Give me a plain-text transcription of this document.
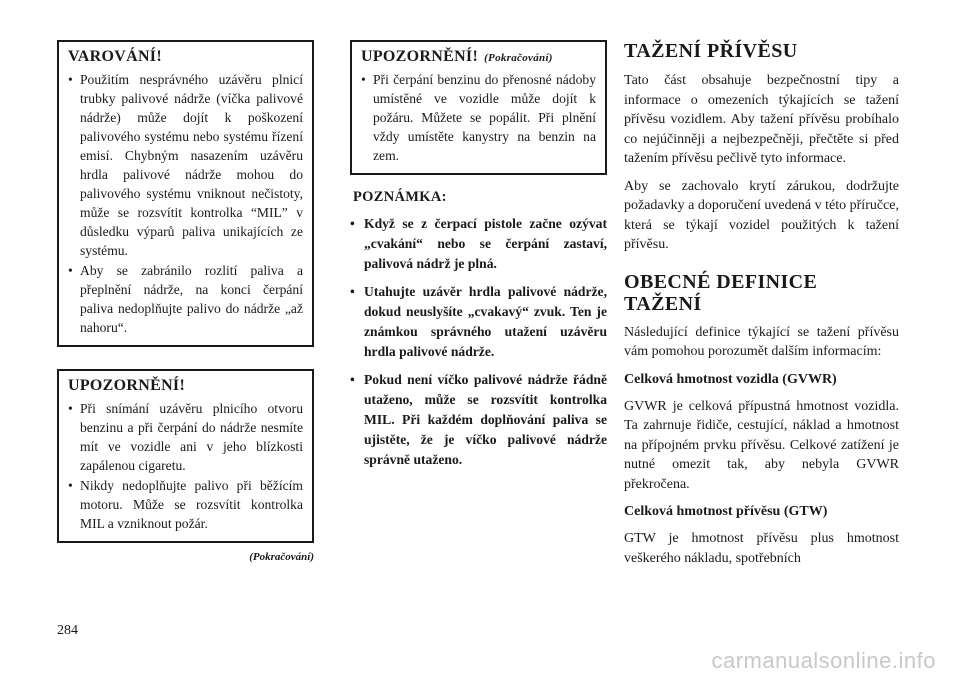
VAROVÁNÍ!
• Použitím nesprávného uzávěru plnicí trubky palivové nádrže (víčka palivové nádrže) může dojít k poškození palivového systému nebo systému řízení emisí. Chybným nasazením uzávěru hrdla palivové nádrže mohou do palivového systému vniknout nečistoty, může se rozsvítit kontrolka “MIL” v důsledku výparů paliva unikajících ze systému.
• Aby se zabránilo rozlití paliva a přeplnění nádrže, na konci čerpání paliva nedoplňujte palivo do nádrže „až nahoru“.
UPOZORNĚNÍ!
• Při snímání uzávěru plnicího otvoru benzinu a při čerpání do nádrže nesmíte mít ve vozidle ani v jeho blízkosti zapálenou cigaretu.
• Nikdy nedoplňujte palivo při běžícím motoru. Může se rozsvítit kontrolka MIL a vzniknout požár.
(Pokračování)
UPOZORNĚNÍ! (Pokračování)
• Při čerpání benzinu do přenosné nádoby umístěné ve vozidle může dojít k požáru. Můžete se popálit. Při plnění vždy umístěte kanystry na benzin na zem.
POZNÁMKA:
• Když se z čerpací pistole začne ozývat „cvakání“ nebo se čerpání zastaví, palivová nádrž je plná.
• Utahujte uzávěr hrdla palivové nádrže, dokud neuslyšíte „cvakavý“ zvuk. Ten je známkou správného utažení uzávěru hrdla palivové nádrže.
• Pokud není víčko palivové nádrže řádně utaženo, může se rozsvítit kontrolka MIL. Při každém doplňování paliva se ujistěte, že je víčko palivové nádrže správně utaženo.
TAŽENÍ PŘÍVĚSU

Tato část obsahuje bezpečnostní tipy a informace o omezeních týkajících se tažení přívěsu vozidlem. Aby tažení přívěsu probíhalo co nejúčinněji a nejbezpečněji, přečtěte si před tažením přívěsu pečlivě tyto informace.

Aby se zachovalo krytí zárukou, dodržujte požadavky a doporučení uvedená v této příručce, která se týkají vozidel použitých k tažení přívěsu.

OBECNÉ DEFINICE TAŽENÍ

Následující definice týkající se tažení přívěsu vám pomohou porozumět dalším informacím:

Celková hmotnost vozidla (GVWR)

GVWR je celková přípustná hmotnost vozidla. Ta zahrnuje řidiče, cestující, náklad a hmotnost na přípojném prvku přívěsu. Celkové zatížení je nutné omezit tak, aby nebyla GVWR překročena.

Celková hmotnost přívěsu (GTW)

GTW je hmotnost přívěsu plus hmotnost veškerého nákladu, spotřebních

284
carmanualsonline.info
